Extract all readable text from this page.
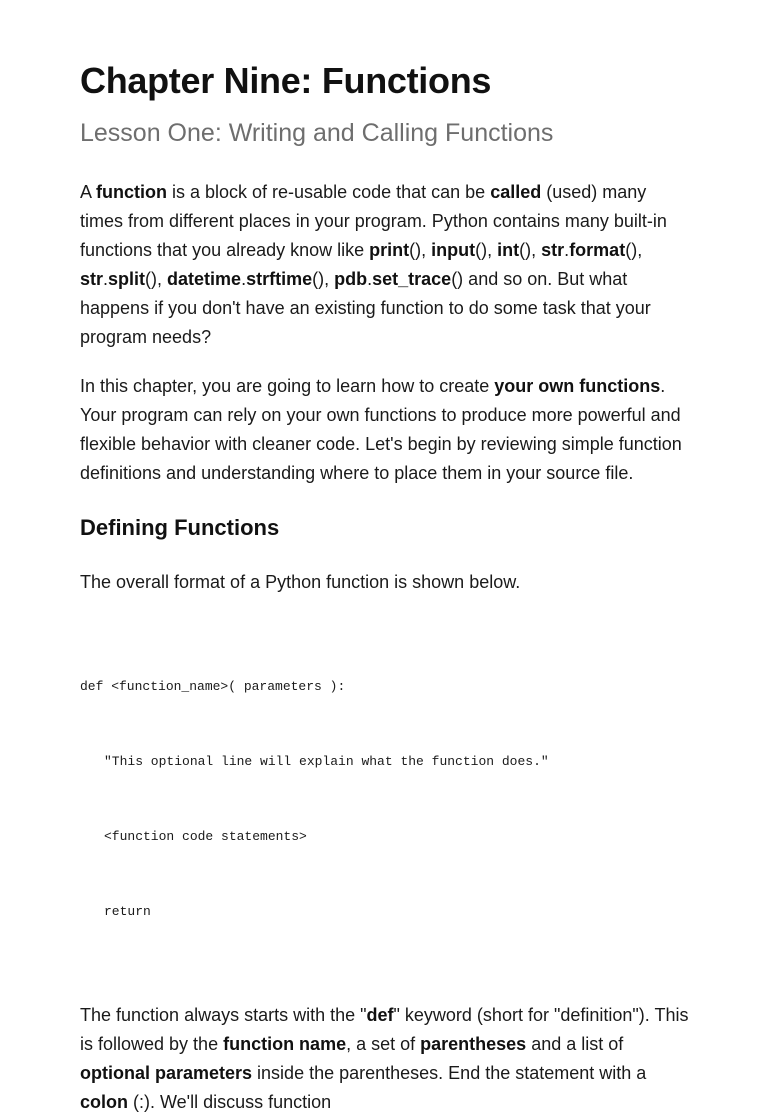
Chapter Nine: Functions
Lesson One: Writing and Calling Functions

A function is a block of re-usable code that can be called (used) many times from different places in your program. Python contains many built-in functions that you already know like print(), input(), int(), str.format(), str.split(), datetime.strftime(), pdb.set_trace() and so on. But what happens if you don't have an existing function to do some task that your program needs?

In this chapter, you are going to learn how to create your own functions. Your program can rely on your own functions to produce more powerful and flexible behavior with cleaner code. Let's begin by reviewing simple function definitions and understanding where to place them in your source file.

Defining Functions

The overall format of a Python function is shown below.

def <function_name>( parameters ):

"This optional line will explain what the function does."

<function code statements>

return

The function always starts with the "def" keyword (short for "definition"). This is followed by the function name, a set of parentheses and a list of optional parameters inside the parentheses. End the statement with a colon (:). We'll discuss function
